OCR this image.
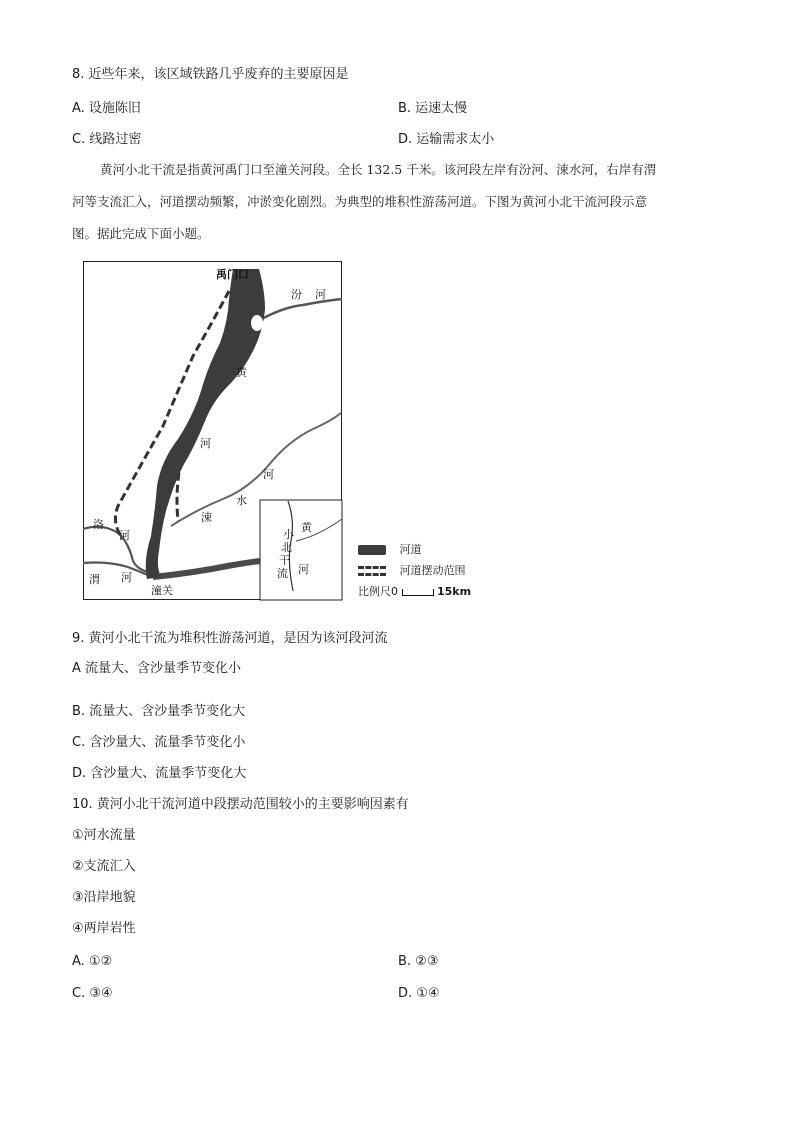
8. 近些年来，该区域铁路几乎废弃的主要原因是
A. 设施陈旧	B. 运速太慢
C. 线路过密	D. 运输需求太小
黄河小北干流是指黄河禹门口至潼关河段。全长 132.5 千米。该河段左岸有汾河、涑水河，右岸有渭
河等支流汇入，河道摆动频繁，冲淤变化剧烈。为典型的堆积性游荡河道。下图为黄河小北干流河段示意
图。据此完成下面小题。
禹门口
汾 河
黄
河
河
水
涑
洛
河
渭 河
潼关
黄
河
小
北
干
流
河道
河道摆动范围
比例尺0	15km
9. 黄河小北干流为堆积性游荡河道，是因为该河段河流
A 流量大、含沙量季节变化小
B. 流量大、含沙量季节变化大
C. 含沙量大、流量季节变化小
D. 含沙量大、流量季节变化大
10. 黄河小北干流河道中段摆动范围较小的主要影响因素有
①河水流量
②支流汇入
③沿岸地貌
④两岸岩性
A. ①②	B. ②③
C. ③④	D. ①④
